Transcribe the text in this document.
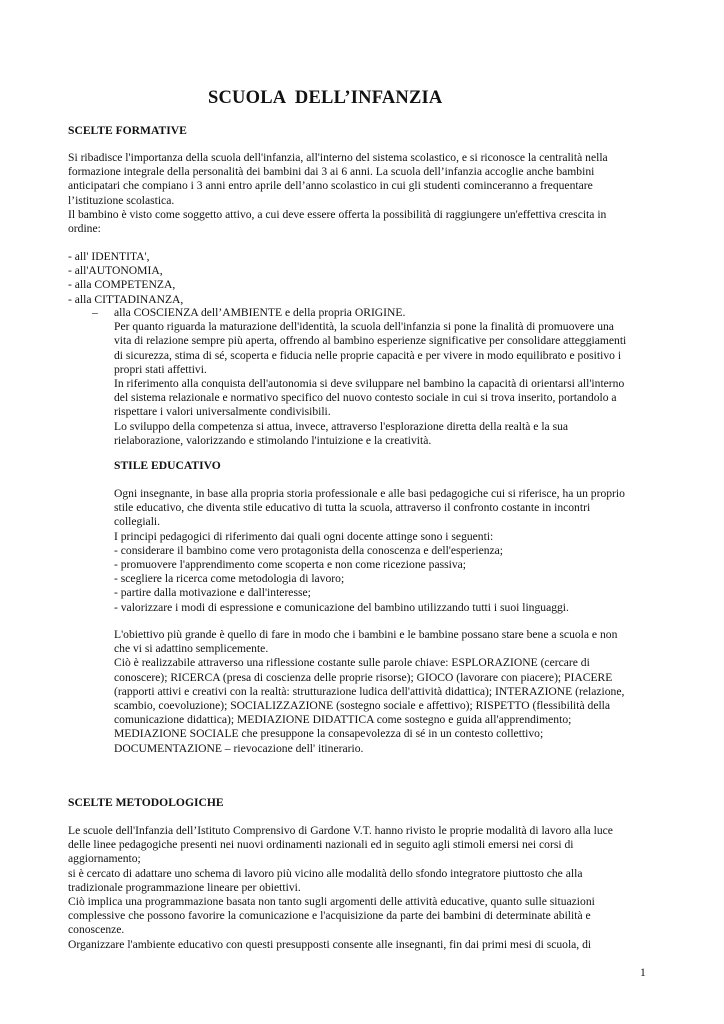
SCUOLA  DELL’INFANZIA
SCELTE FORMATIVE
Si ribadisce l'importanza della scuola dell'infanzia, all'interno del sistema scolastico, e si riconosce la centralità nella
formazione integrale della personalità dei bambini dai 3 ai 6 anni. La scuola dell’infanzia accoglie anche bambini
anticipatari che compiano i 3 anni entro aprile dell’anno scolastico in cui gli studenti cominceranno a frequentare
l’istituzione scolastica.
Il bambino è visto come soggetto attivo, a cui deve essere offerta la possibilità di raggiungere un'effettiva crescita in
ordine:
- all' IDENTITA',
- all'AUTONOMIA,
- alla COMPETENZA,
- alla CITTADINANZA,
– alla COSCIENZA dell’AMBIENTE e della propria ORIGINE.
Per quanto riguarda la maturazione dell'identità, la scuola dell'infanzia si pone la finalità di promuovere una
vita di relazione sempre più aperta, offrendo al bambino esperienze significative per consolidare atteggiamenti
di sicurezza, stima di sé, scoperta e fiducia nelle proprie capacità e per vivere in modo equilibrato e positivo i
propri stati affettivi.
In riferimento alla conquista dell'autonomia si deve sviluppare nel bambino la capacità di orientarsi all'interno
del sistema relazionale e normativo specifico del nuovo contesto sociale in cui si trova inserito, portandolo a
rispettare i valori universalmente condivisibili.
Lo sviluppo della competenza si attua, invece, attraverso l'esplorazione diretta della realtà e la sua
rielaborazione, valorizzando e stimolando l'intuizione e la creatività.
STILE EDUCATIVO
Ogni insegnante, in base alla propria storia professionale e alle basi pedagogiche cui si riferisce, ha un proprio
stile educativo, che diventa stile educativo di tutta la scuola, attraverso il confronto costante in incontri
collegiali.
I principi pedagogici di riferimento dai quali ogni docente attinge sono i seguenti:
- considerare il bambino come vero protagonista della conoscenza e dell'esperienza;
- promuovere l'apprendimento come scoperta e non come ricezione passiva;
- scegliere la ricerca come metodologia di lavoro;
- partire dalla motivazione e dall'interesse;
- valorizzare i modi di espressione e comunicazione del bambino utilizzando tutti i suoi linguaggi.
L'obiettivo più grande è quello di fare in modo che i bambini e le bambine possano stare bene a scuola e non
che vi si adattino semplicemente.
Ciò è realizzabile attraverso una riflessione costante sulle parole chiave: ESPLORAZIONE (cercare di
conoscere); RICERCA (presa di coscienza delle proprie risorse); GIOCO (lavorare con piacere); PIACERE
(rapporti attivi e creativi con la realtà: strutturazione ludica dell'attività didattica); INTERAZIONE (relazione,
scambio, coevoluzione); SOCIALIZZAZIONE (sostegno sociale e affettivo); RISPETTO (flessibilità della
comunicazione didattica); MEDIAZIONE DIDATTICA come sostegno e guida all'apprendimento;
MEDIAZIONE SOCIALE che presuppone la consapevolezza di sé in un contesto collettivo;
DOCUMENTAZIONE – rievocazione dell' itinerario.
SCELTE METODOLOGICHE
Le scuole dell'Infanzia dell’Istituto Comprensivo di Gardone V.T. hanno rivisto le proprie modalità di lavoro alla luce
delle linee pedagogiche presenti nei nuovi ordinamenti nazionali ed in seguito agli stimoli emersi nei corsi di
aggiornamento;
si è cercato di adattare uno schema di lavoro più vicino alle modalità dello sfondo integratore piuttosto che alla
tradizionale programmazione lineare per obiettivi.
Ciò implica una programmazione basata non tanto sugli argomenti delle attività educative, quanto sulle situazioni
complessive che possono favorire la comunicazione e l'acquisizione da parte dei bambini di determinate abilità e
conoscenze.
Organizzare l'ambiente educativo con questi presupposti consente alle insegnanti, fin dai primi mesi di scuola, di
1
